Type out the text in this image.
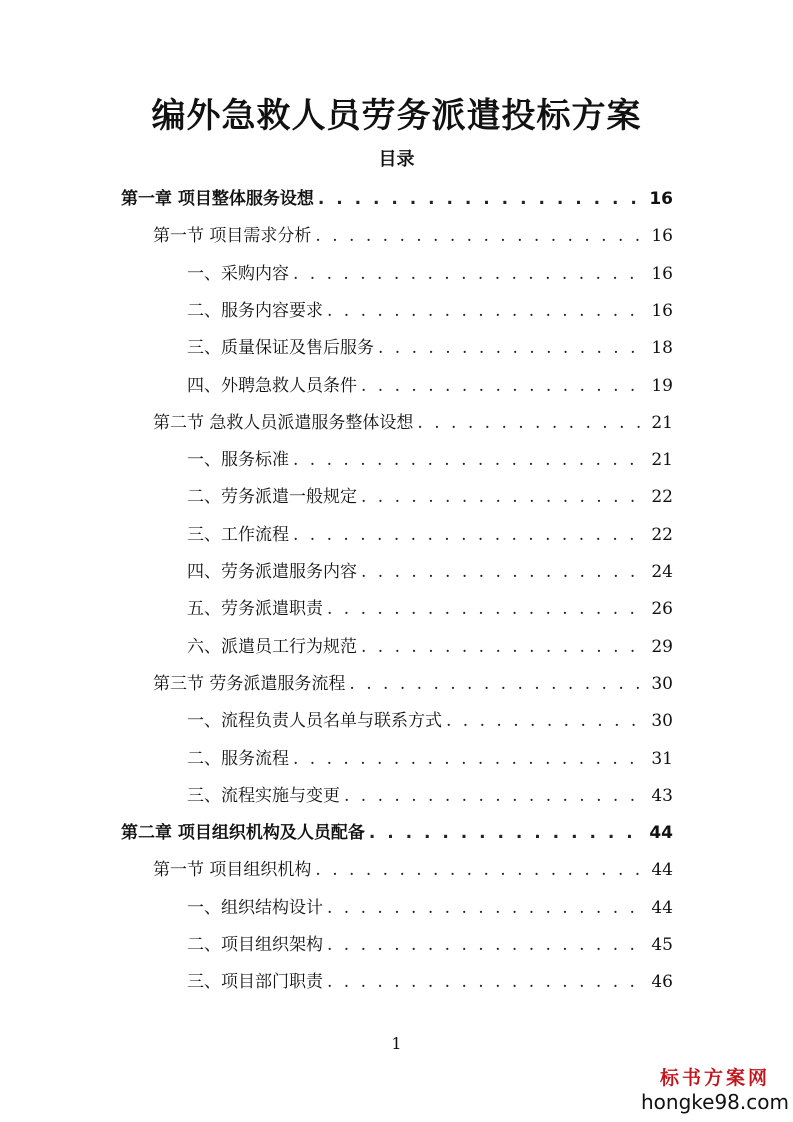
编外急救人员劳务派遣投标方案
目录
第一章 项目整体服务设想 . . .	16
第一节 项目需求分析 . . .	16
一、采购内容 . . .	16
二、服务内容要求 . . .	16
三、质量保证及售后服务 . . .	18
四、外聘急救人员条件 . . .	19
第二节 急救人员派遣服务整体设想 . . .	21
一、服务标准 . . .	21
二、劳务派遣一般规定 . . .	22
三、工作流程 . . .	22
四、劳务派遣服务内容 . . .	24
五、劳务派遣职责 . . .	26
六、派遣员工行为规范 . . .	29
第三节 劳务派遣服务流程 . . .	30
一、流程负责人员名单与联系方式 . . .	30
二、服务流程 . . .	31
三、流程实施与变更 . . .	43
第二章 项目组织机构及人员配备 . . .	44
第一节 项目组织机构 . . .	44
一、组织结构设计 . . .	44
二、项目组织架构 . . .	45
三、项目部门职责 . . .	46
1
标书方案网
hongke98.com
